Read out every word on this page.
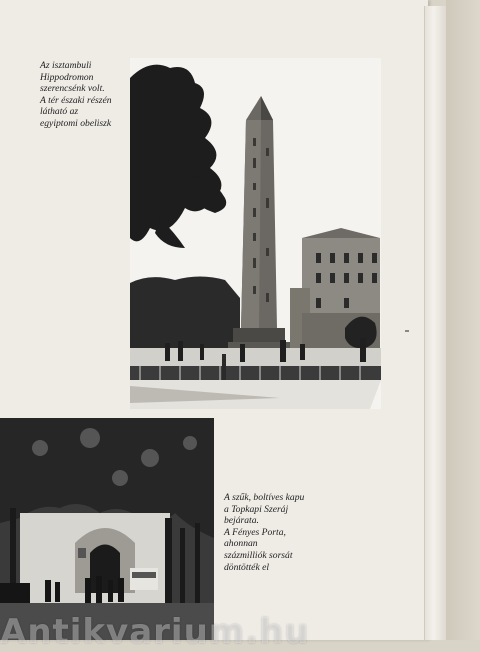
Az isztambuli
Hippodromon
szerencsénk volt.
A tér északi részén
látható az
egyiptomi obeliszk
A szűk, boltíves kapu
a Topkapi Szeráj
bejárata.
A Fényes Porta,
ahonnan
százmilliók sorsát
döntötték el
Antikvarium.hu
